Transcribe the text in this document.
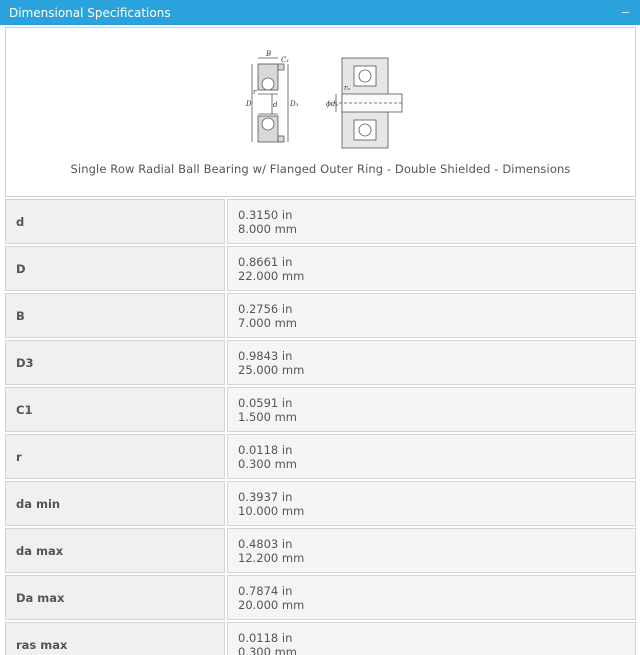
Dimensional Specifications	−
B
C₁
D	D₃
d
r
ϕdₐ
rₐ
Single Row Radial Ball Bearing w/ Flanged Outer Ring - Double Shielded - Dimensions
d	0.3150 in
8.000 mm
D	0.8661 in
22.000 mm
B	0.2756 in
7.000 mm
D3	0.9843 in
25.000 mm
C1	0.0591 in
1.500 mm
r	0.0118 in
0.300 mm
da min	0.3937 in
10.000 mm
da max	0.4803 in
12.200 mm
Da max	0.7874 in
20.000 mm
ras max	0.0118 in
0.300 mm
